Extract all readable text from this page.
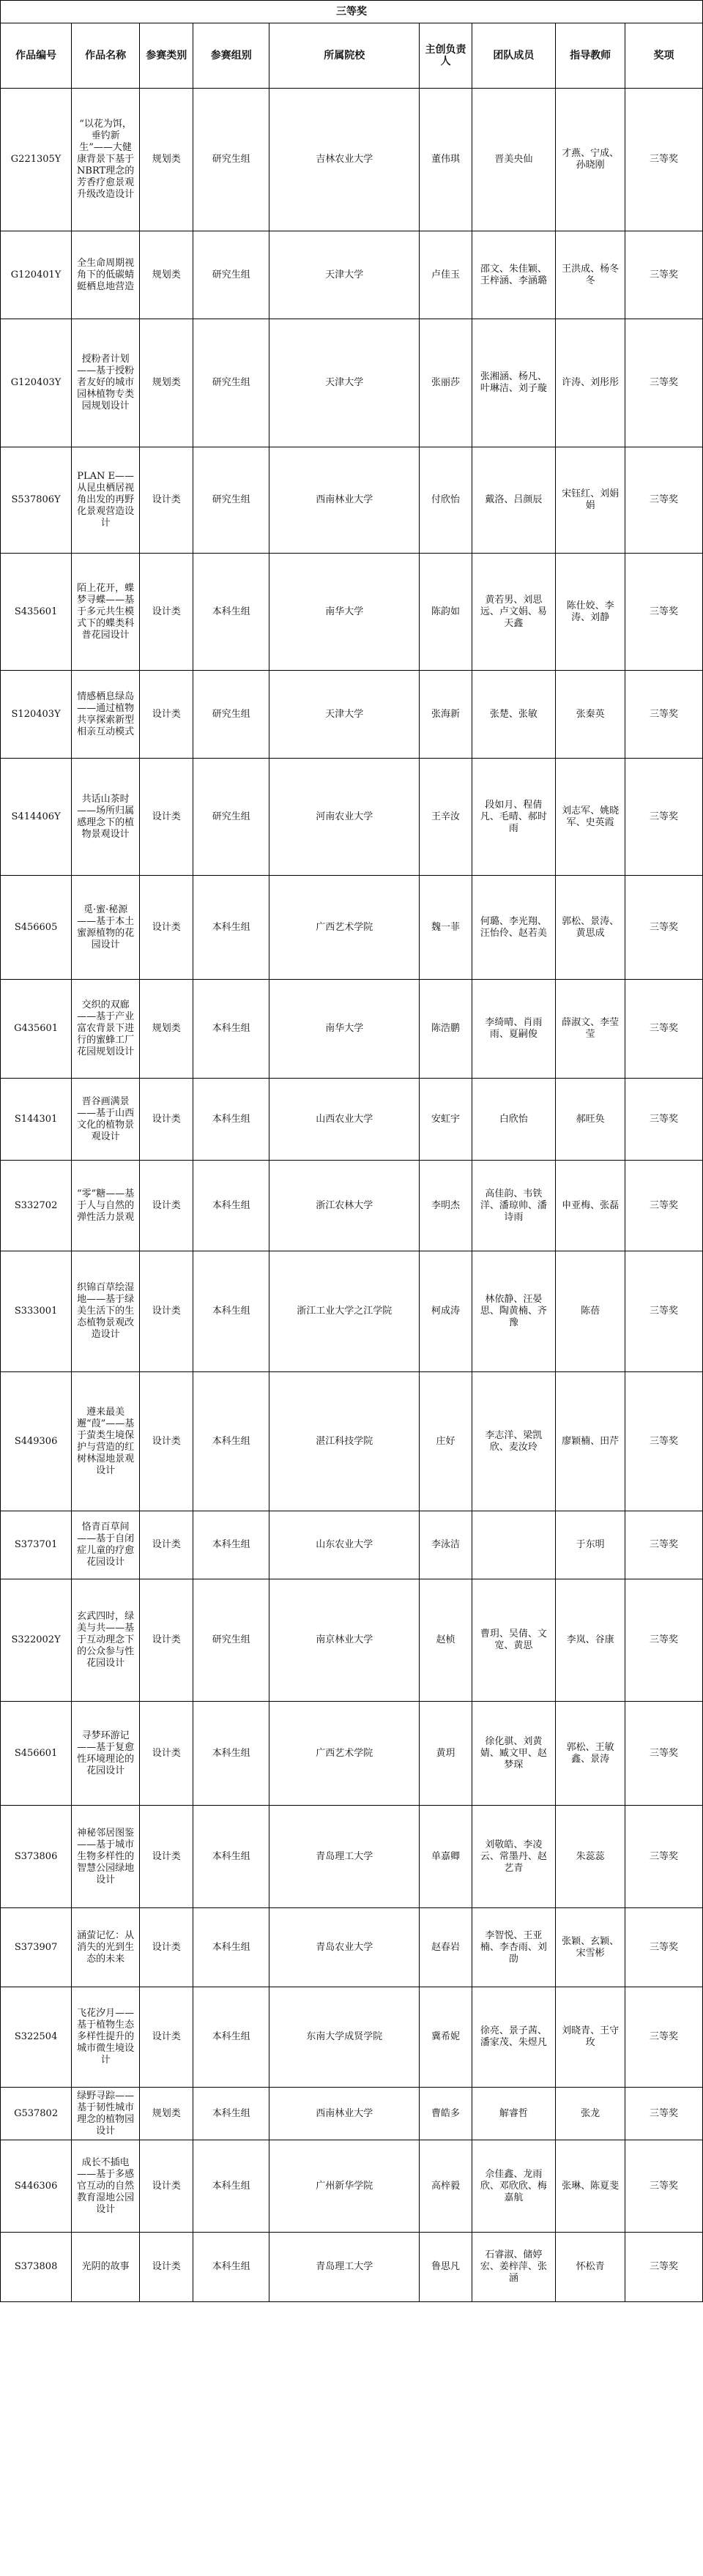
三等奖								
作品编号	作品名称	参赛类别	参赛组别	所属院校	主创负责人	团队成员	指导教师	奖项
G221305Y	“以花为饵，垂钓新生”——大健康背景下基于NBRT理念的芳香疗愈景观升级改造设计	规划类	研究生组	吉林农业大学	董伟琪	晋美央仙	才燕、宁成、孙晓刚	三等奖
G120401Y	全生命周期视角下的低碳蜻蜓栖息地营造	规划类	研究生组	天津大学	卢佳玉	邵文、朱佳颖、王梓涵、李涵璐	王洪成、杨冬冬	三等奖
G120403Y	授粉者计划——基于授粉者友好的城市园林植物专类园规划设计	规划类	研究生组	天津大学	张丽莎	张湘涵、杨凡、叶琳洁、刘子璇	许涛、刘彤彤	三等奖
S537806Y	PLAN E——从昆虫栖居视角出发的再野化景观营造设计	设计类	研究生组	西南林业大学	付欣怡	戴洛、吕颜辰	宋钰红、刘娟娟	三等奖
S435601	陌上花开，蝶梦寻蝶——基于多元共生模式下的蝶类科普花园设计	设计类	本科生组	南华大学	陈韵如	黄若男、刘思远、卢文娟、易天鑫	陈仕姣、李涛、刘静	三等奖
S120403Y	情感栖息绿岛——通过植物共享探索新型相亲互动模式	设计类	研究生组	天津大学	张海新	张楚、张敏	张秦英	三等奖
S414406Y	共话山茶时——场所归属感理念下的植物景观设计	设计类	研究生组	河南农业大学	王辛汝	段如月、程倩凡、毛晴、郝时雨	刘志军、姚晓军、史英霞	三等奖
S456605	觅·蜜·秘源——基于本土蜜源植物的花园设计	设计类	本科生组	广西艺术学院	魏一菲	何璐、李光翔、汪怡伶、赵若美	郭松、景涛、黄思成	三等奖
G435601	交织的双廊——基于产业富农背景下进行的蜜蜂工厂花园规划设计	规划类	本科生组	南华大学	陈浩鹏	李绮晴、肖雨雨、夏嗣俊	薛淑文、李莹莹	三等奖
S144301	晋谷画满景——基于山西文化的植物景观设计	设计类	本科生组	山西农业大学	安虹宇	白欣怡	郝旺奂	三等奖
S332702	“零”糖——基于人与自然的弹性活力景观	设计类	本科生组	浙江农林大学	李明杰	高佳韵、韦铁洋、潘琼帅、潘诗雨	申亚梅、张磊	三等奖
S333001	织锦百草绘湿地——基于绿美生活下的生态植物景观改造设计	设计类	本科生组	浙江工业大学之江学院	柯成涛	林依静、汪晏思、陶黄楠、齐豫	陈蓓	三等奖
S449306	遵来最美邂“葭”——基于萤类生境保护与营造的红树林湿地景观设计	设计类	本科生组	湛江科技学院	庄好	李志洋、梁凯欣、麦汝玲	廖颖楠、田芹	三等奖
S373701	恪青百草间——基于自闭症儿童的疗愈花园设计	设计类	本科生组	山东农业大学	李泳洁		于东明	三等奖
S322002Y	玄武四时，绿美与共——基于互动理念下的公众参与性花园设计	设计类	研究生组	南京林业大学	赵桢	曹玥、吴倩、文宽、黄思	李岚、谷康	三等奖
S456601	寻梦环游记——基于复愈性环境理论的花园设计	设计类	本科生组	广西艺术学院	黄玥	徐化骐、刘黄婧、臧文甲、赵梦琛	郭松、王敏鑫、景涛	三等奖
S373806	神秘邻居图鉴——基于城市生物多样性的智慧公园绿地设计	设计类	本科生组	青岛理工大学	单嘉卿	刘敬皓、李凌云、常墨丹、赵艺青	朱蕊蕊	三等奖
S373907	涵萤记忆：从消失的光到生态的未来	设计类	本科生组	青岛农业大学	赵春岩	李智悦、王亚楠、李杏雨、刘劭	张颖、玄颖、宋雪彬	三等奖
S322504	飞花汐月——基于植物生态多样性提升的城市微生境设计	设计类	本科生组	东南大学成贤学院	冀希妮	徐亮、景子茜、潘家茂、朱煜凡	刘晓青、王守玫	三等奖
G537802	绿野寻踪——基于韧性城市理念的植物园设计	规划类	本科生组	西南林业大学	曹皓多	解睿哲	张龙	三等奖
S446306	成长不插电——基于多感官互动的自然教育湿地公园设计	设计类	本科生组	广州新华学院	高梓毅	佘佳鑫、龙雨欣、邓欣欣、梅嘉航	张琳、陈夏斐	三等奖
S373808	光阴的故事	设计类	本科生组	青岛理工大学	鲁思凡	石睿淑、储婷宏、姜梓萍、张涵	怀松青	三等奖
